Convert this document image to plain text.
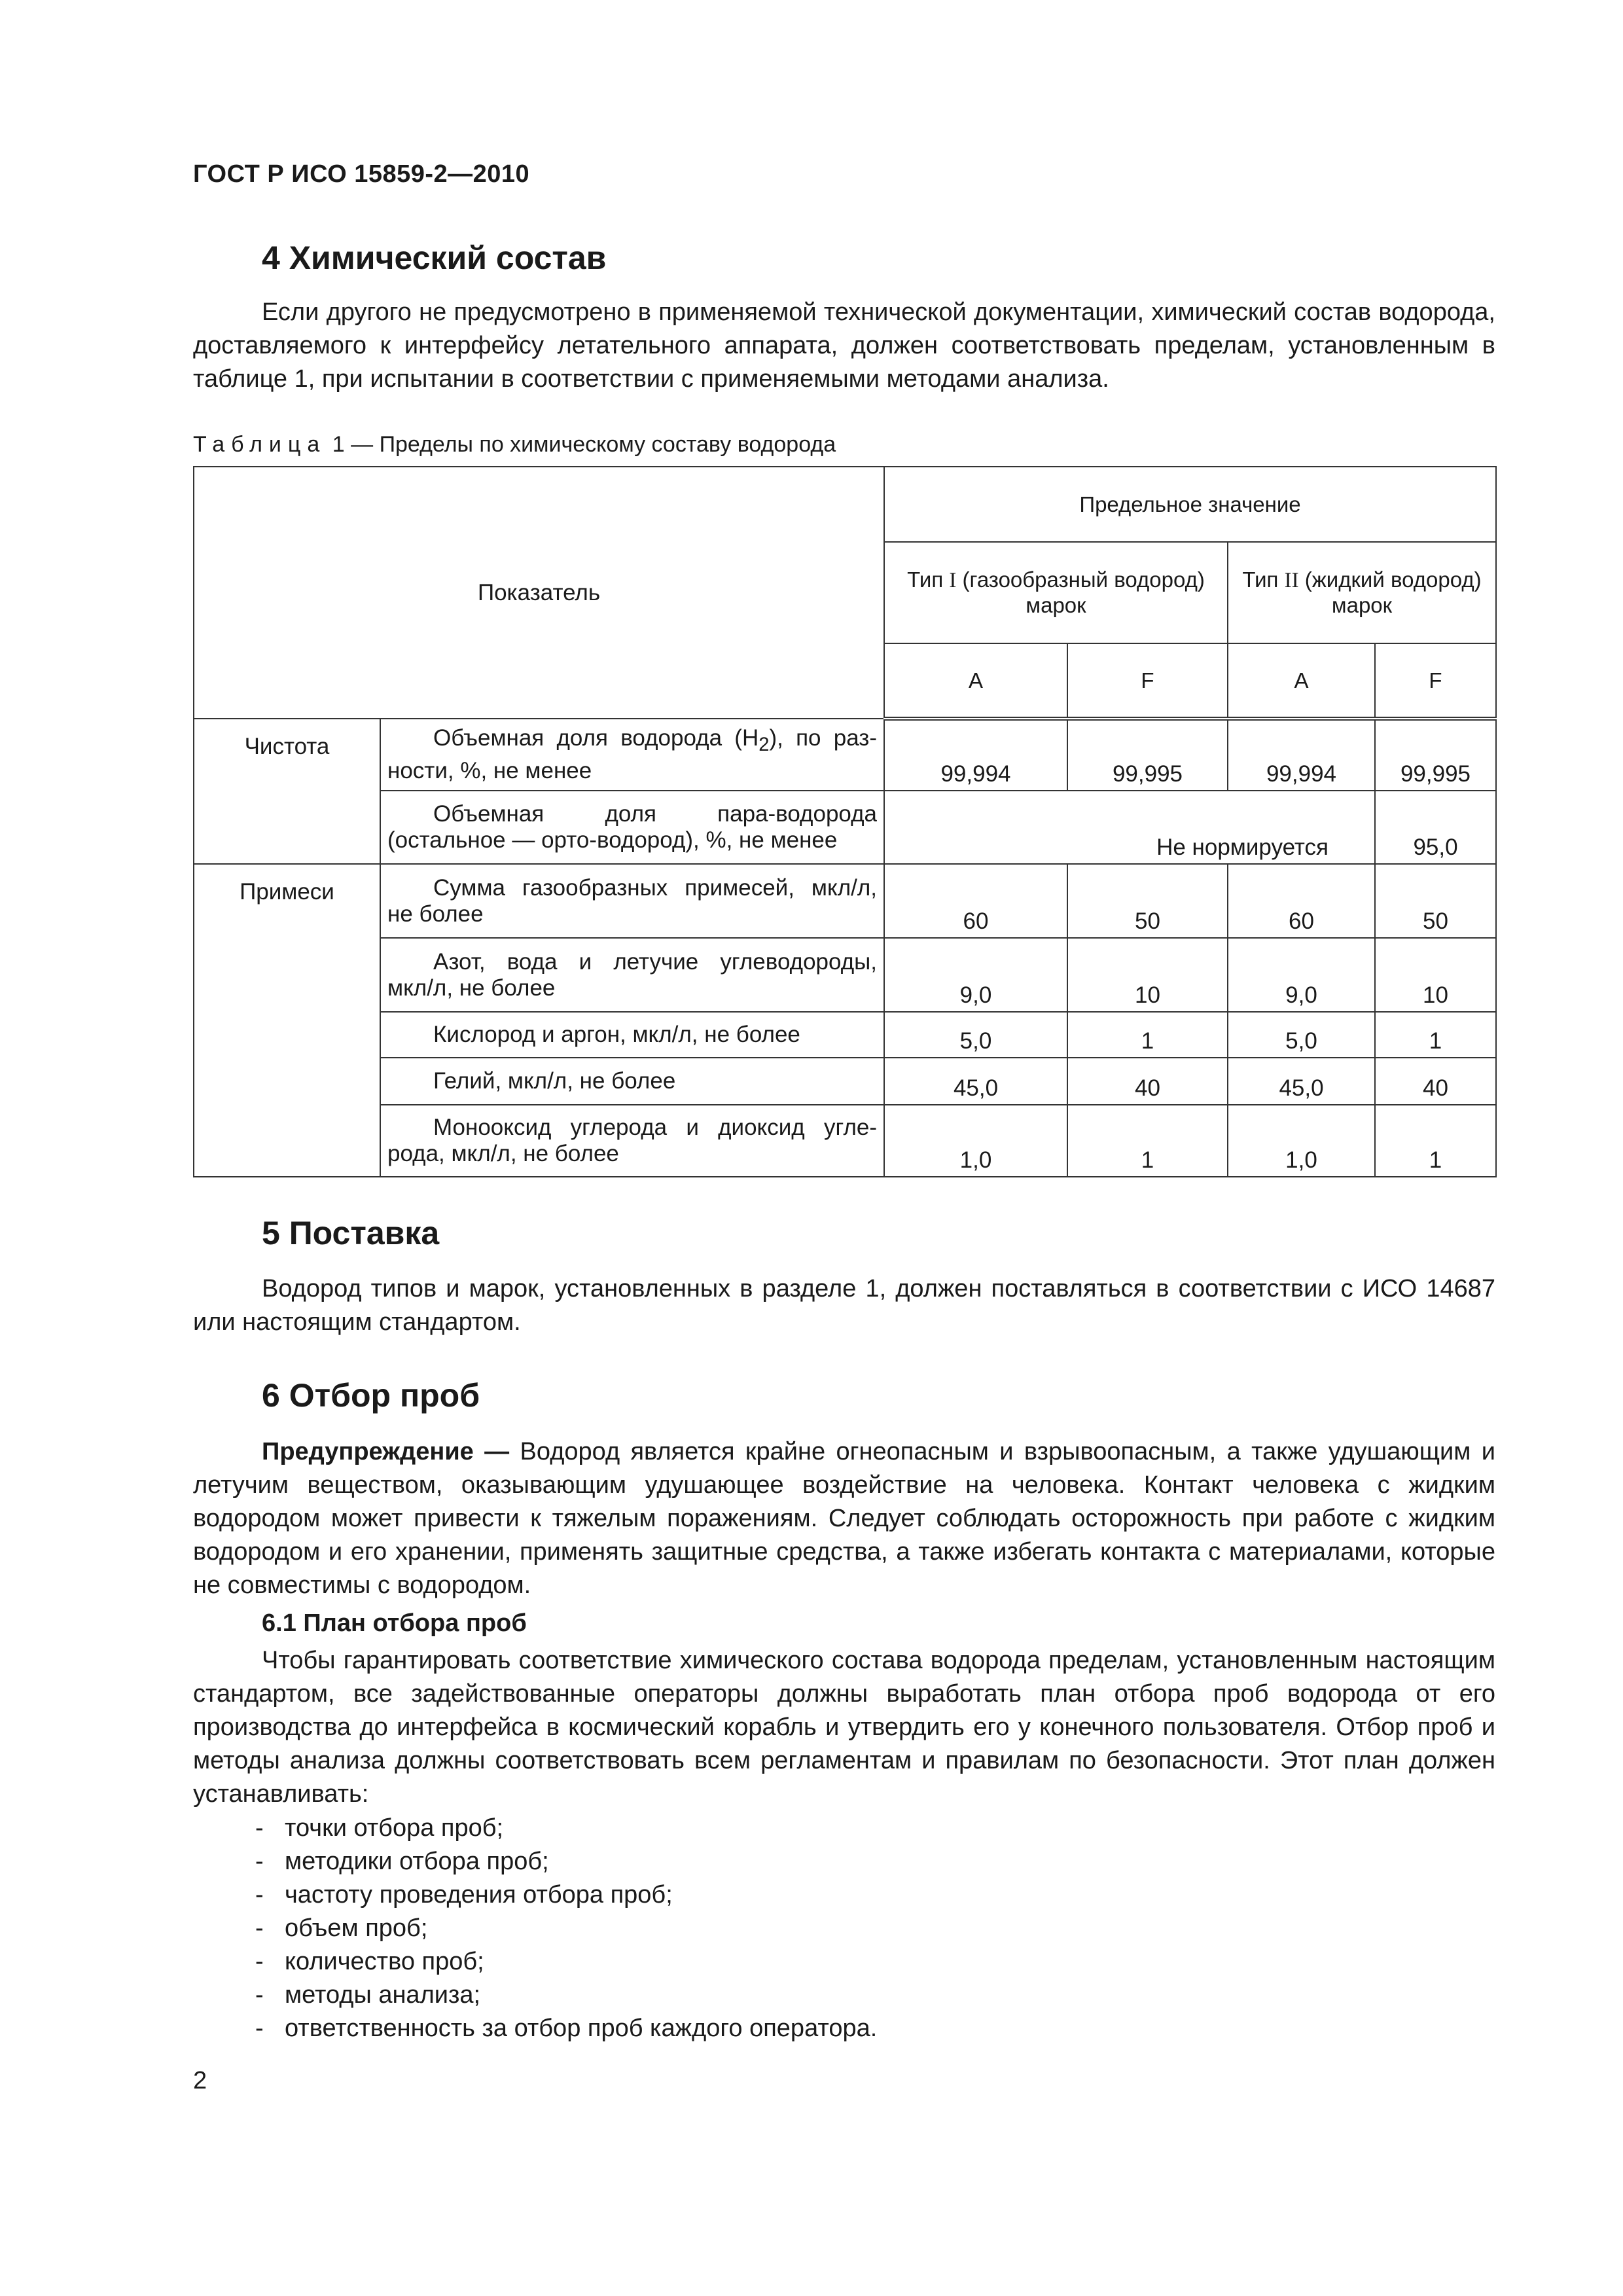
ГОСТ Р ИСО 15859-2—2010
4 Химический состав

Если другого не предусмотрено в применяемой технической документации, химический состав водорода, доставляемого к интерфейсу летательного аппарата, должен соответствовать пределам, установленным в таблице 1, при испытании в соответствии с применяемыми методами анализа.

Таблица 1 — Пределы по химическому составу водорода
Показатель		Предельное значение			
		Тип I (газообразный водород) марок		Тип II (жидкий водород) марок	
		A	F	A	F
Чистота	Объемная доля водорода $(H_2)$, по раз-
ности, %, не менее	99,994	99,995	99,994	99,995
	Объемная доля пара-водорода
(остальное — орто-водород), %, не менее	Не нормируется			95,0
Примеси	Сумма газообразных примесей, мкл/л,
не более	60	50	60	50
	Азот, вода и летучие углеводороды,
мкл/л, не более	9,0	10	9,0	10
	Кислород и аргон, мкл/л, не более	5,0	1	5,0	1
	Гелий, мкл/л, не более	45,0	40	45,0	40
	Монооксид углерода и диоксид угле-
рода, мкл/л, не более	1,0	1	1,0	1
5 Поставка

Водород типов и марок, установленных в разделе 1, должен поставляться в соответствии с ИСО 14687 или настоящим стандартом.

6 Отбор проб

Предупреждение — Водород является крайне огнеопасным и взрывоопасным, а также удушающим и летучим веществом, оказывающим удушающее воздействие на человека. Контакт человека с жидким водородом может привести к тяжелым поражениям. Следует соблюдать осторожность при работе с жидким водородом и его хранении, применять защитные средства, а также избегать контакта с материалами, которые не совместимы с водородом.

6.1 План отбора проб

Чтобы гарантировать соответствие химического состава водорода пределам, установленным настоящим стандартом, все задействованные операторы должны выработать план отбора проб водорода от его производства до интерфейса в космический корабль и утвердить его у конечного пользователя. Отбор проб и методы анализа должны соответствовать всем регламентам и правилам по безопасности. Этот план должен устанавливать:

- точки отбора проб;
- методики отбора проб;
- частоту проведения отбора проб;
- объем проб;
- количество проб;
- методы анализа;
- ответственность за отбор проб каждого оператора.
2
